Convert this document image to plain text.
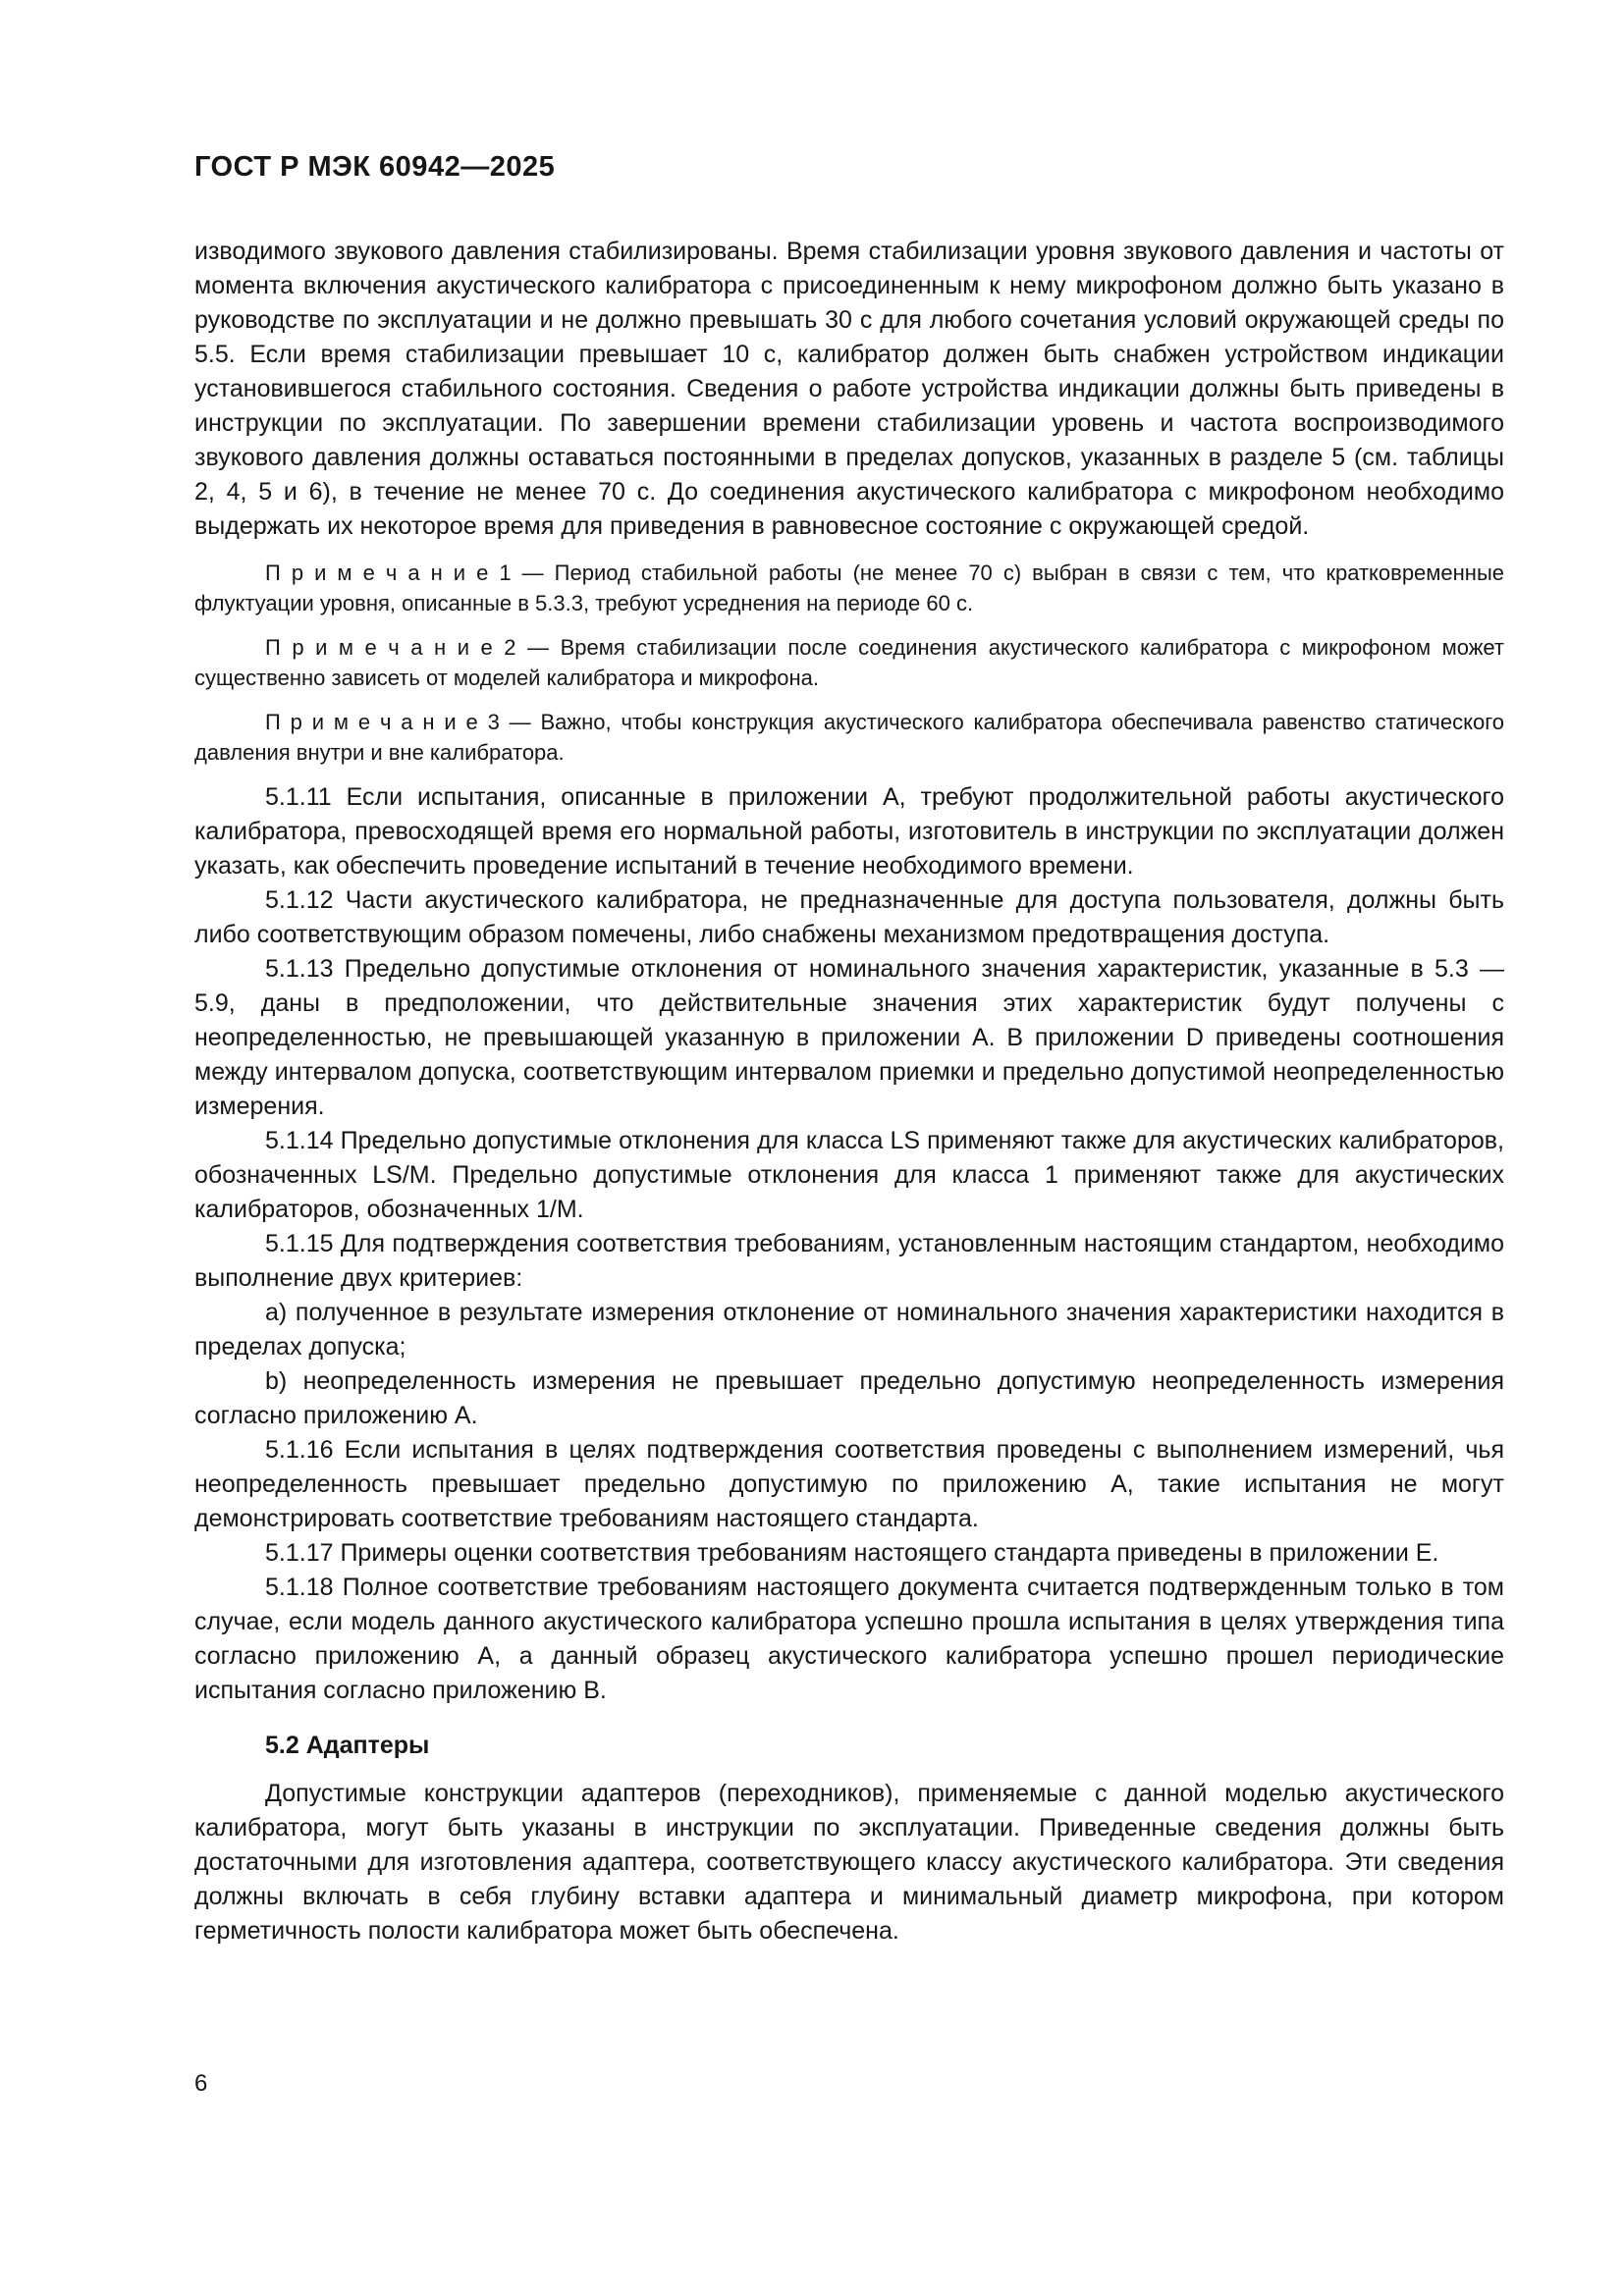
ГОСТ Р МЭК 60942—2025

изводимого звукового давления стабилизированы. Время стабилизации уровня звукового давления и частоты от момента включения акустического калибратора с присоединенным к нему микрофоном должно быть указано в руководстве по эксплуатации и не должно превышать 30 с для любого сочетания условий окружающей среды по 5.5. Если время стабилизации превышает 10 с, калибратор должен быть снабжен устройством индикации установившегося стабильного состояния. Сведения о работе устройства индикации должны быть приведены в инструкции по эксплуатации. По завершении времени стабилизации уровень и частота воспроизводимого звукового давления должны оставаться постоянными в пределах допусков, указанных в разделе 5 (см. таблицы 2, 4, 5 и 6), в течение не менее 70 с. До соединения акустического калибратора с микрофоном необходимо выдержать их некоторое время для приведения в равновесное состояние с окружающей средой.

П р и м е ч а н и е 1 — Период стабильной работы (не менее 70 с) выбран в связи с тем, что кратковременные флуктуации уровня, описанные в 5.3.3, требуют усреднения на периоде 60 с.

П р и м е ч а н и е 2 — Время стабилизации после соединения акустического калибратора с микрофоном может существенно зависеть от моделей калибратора и микрофона.

П р и м е ч а н и е 3 — Важно, чтобы конструкция акустического калибратора обеспечивала равенство статического давления внутри и вне калибратора.

5.1.11 Если испытания, описанные в приложении А, требуют продолжительной работы акустического калибратора, превосходящей время его нормальной работы, изготовитель в инструкции по эксплуатации должен указать, как обеспечить проведение испытаний в течение необходимого времени.

5.1.12 Части акустического калибратора, не предназначенные для доступа пользователя, должны быть либо соответствующим образом помечены, либо снабжены механизмом предотвращения доступа.

5.1.13 Предельно допустимые отклонения от номинального значения характеристик, указанные в 5.3 — 5.9, даны в предположении, что действительные значения этих характеристик будут получены с неопределенностью, не превышающей указанную в приложении А. В приложении D приведены соотношения между интервалом допуска, соответствующим интервалом приемки и предельно допустимой неопределенностью измерения.

5.1.14 Предельно допустимые отклонения для класса LS применяют также для акустических калибраторов, обозначенных LS/M. Предельно допустимые отклонения для класса 1 применяют также для акустических калибраторов, обозначенных 1/M.

5.1.15 Для подтверждения соответствия требованиям, установленным настоящим стандартом, необходимо выполнение двух критериев:

a) полученное в результате измерения отклонение от номинального значения характеристики находится в пределах допуска;

b) неопределенность измерения не превышает предельно допустимую неопределенность измерения согласно приложению А.

5.1.16 Если испытания в целях подтверждения соответствия проведены с выполнением измерений, чья неопределенность превышает предельно допустимую по приложению А, такие испытания не могут демонстрировать соответствие требованиям настоящего стандарта.

5.1.17 Примеры оценки соответствия требованиям настоящего стандарта приведены в приложении Е.

5.1.18 Полное соответствие требованиям настоящего документа считается подтвержденным только в том случае, если модель данного акустического калибратора успешно прошла испытания в целях утверждения типа согласно приложению А, а данный образец акустического калибратора успешно прошел периодические испытания согласно приложению В.

5.2 Адаптеры

Допустимые конструкции адаптеров (переходников), применяемые с данной моделью акустического калибратора, могут быть указаны в инструкции по эксплуатации. Приведенные сведения должны быть достаточными для изготовления адаптера, соответствующего классу акустического калибратора. Эти сведения должны включать в себя глубину вставки адаптера и минимальный диаметр микрофона, при котором герметичность полости калибратора может быть обеспечена.

6
